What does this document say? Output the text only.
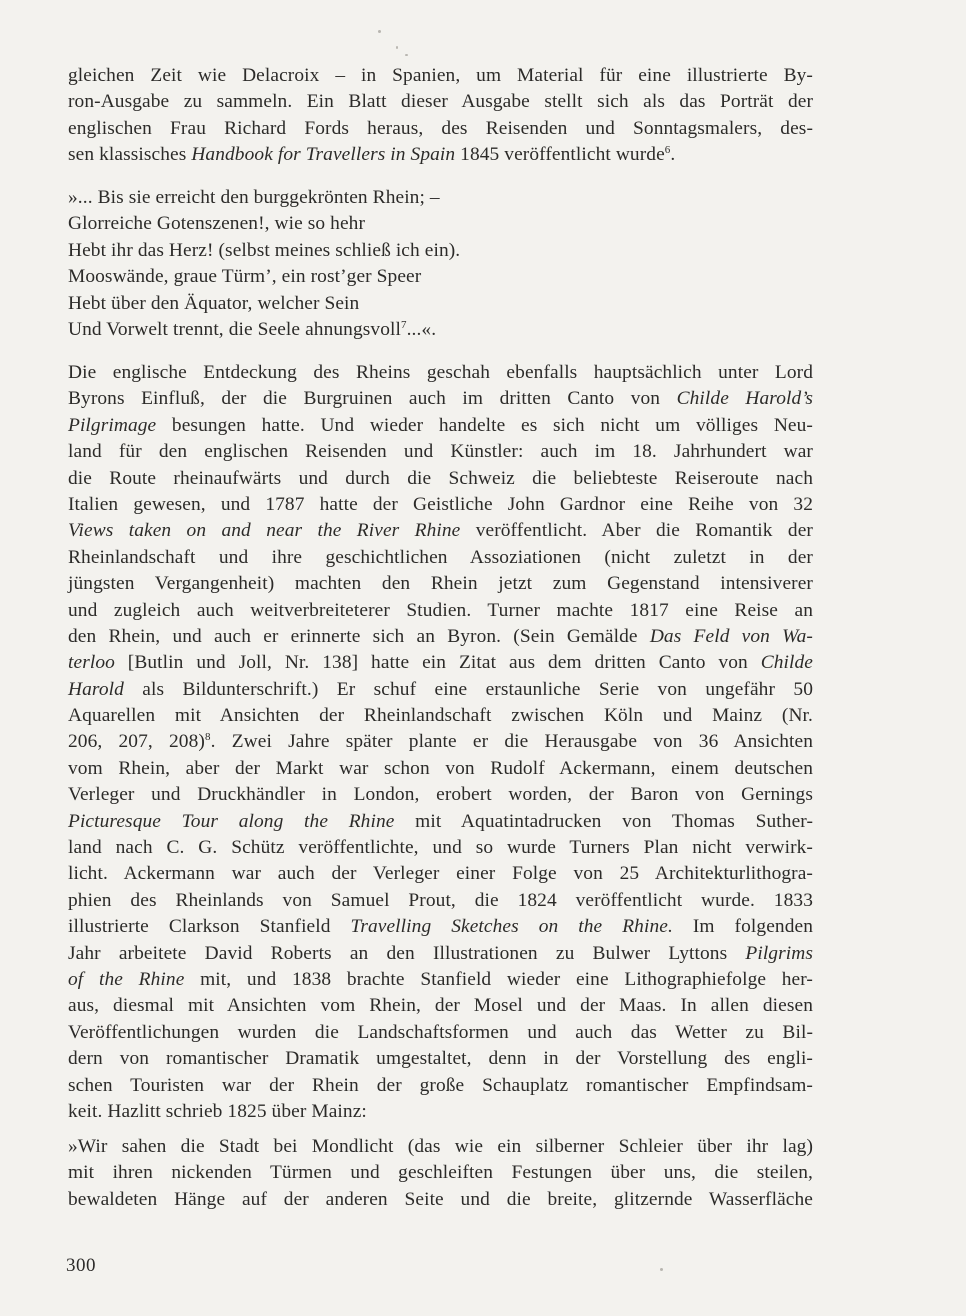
gleichen Zeit wie Delacroix – in Spanien, um Material für eine illustrierte By-
ron-Ausgabe zu sammeln. Ein Blatt dieser Ausgabe stellt sich als das Porträt der
englischen Frau Richard Fords heraus, des Reisenden und Sonntagsmalers, des-
sen klassisches Handbook for Travellers in Spain 1845 veröffentlicht wurde$^6$.
»... Bis sie erreicht den burggekrönten Rhein; –
Glorreiche Gotenszenen!, wie so hehr
Hebt ihr das Herz! (selbst meines schließ ich ein).
Mooswände, graue Türm’, ein rost’ger Speer
Hebt über den Äquator, welcher Sein
Und Vorwelt trennt, die Seele ahnungsvoll$^7$...«.
Die englische Entdeckung des Rheins geschah ebenfalls hauptsächlich unter Lord
Byrons Einfluß, der die Burgruinen auch im dritten Canto von Childe Harold’s
Pilgrimage besungen hatte. Und wieder handelte es sich nicht um völliges Neu-
land für den englischen Reisenden und Künstler: auch im 18. Jahrhundert war
die Route rheinaufwärts und durch die Schweiz die beliebteste Reiseroute nach
Italien gewesen, und 1787 hatte der Geistliche John Gardnor eine Reihe von 32
Views taken on and near the River Rhine veröffentlicht. Aber die Romantik der
Rheinlandschaft und ihre geschichtlichen Assoziationen (nicht zuletzt in der
jüngsten Vergangenheit) machten den Rhein jetzt zum Gegenstand intensiverer
und zugleich auch weitverbreiteterer Studien. Turner machte 1817 eine Reise an
den Rhein, und auch er erinnerte sich an Byron. (Sein Gemälde Das Feld von Wa-
terloo [Butlin und Joll, Nr. 138] hatte ein Zitat aus dem dritten Canto von Childe
Harold als Bildunterschrift.) Er schuf eine erstaunliche Serie von ungefähr 50
Aquarellen mit Ansichten der Rheinlandschaft zwischen Köln und Mainz (Nr.
206, 207, 208)$^8$. Zwei Jahre später plante er die Herausgabe von 36 Ansichten
vom Rhein, aber der Markt war schon von Rudolf Ackermann, einem deutschen
Verleger und Druckhändler in London, erobert worden, der Baron von Gernings
Picturesque Tour along the Rhine mit Aquatintadrucken von Thomas Suther-
land nach C. G. Schütz veröffentlichte, und so wurde Turners Plan nicht verwirk-
licht. Ackermann war auch der Verleger einer Folge von 25 Architekturlithogra-
phien des Rheinlands von Samuel Prout, die 1824 veröffentlicht wurde. 1833
illustrierte Clarkson Stanfield Travelling Sketches on the Rhine. Im folgenden
Jahr arbeitete David Roberts an den Illustrationen zu Bulwer Lyttons Pilgrims
of the Rhine mit, und 1838 brachte Stanfield wieder eine Lithographiefolge her-
aus, diesmal mit Ansichten vom Rhein, der Mosel und der Maas. In allen diesen
Veröffentlichungen wurden die Landschaftsformen und auch das Wetter zu Bil-
dern von romantischer Dramatik umgestaltet, denn in der Vorstellung des engli-
schen Touristen war der Rhein der große Schauplatz romantischer Empfindsam-
keit. Hazlitt schrieb 1825 über Mainz:
»Wir sahen die Stadt bei Mondlicht (das wie ein silberner Schleier über ihr lag)
mit ihren nickenden Türmen und geschleiften Festungen über uns, die steilen,
bewaldeten Hänge auf der anderen Seite und die breite, glitzernde Wasserfläche
300
